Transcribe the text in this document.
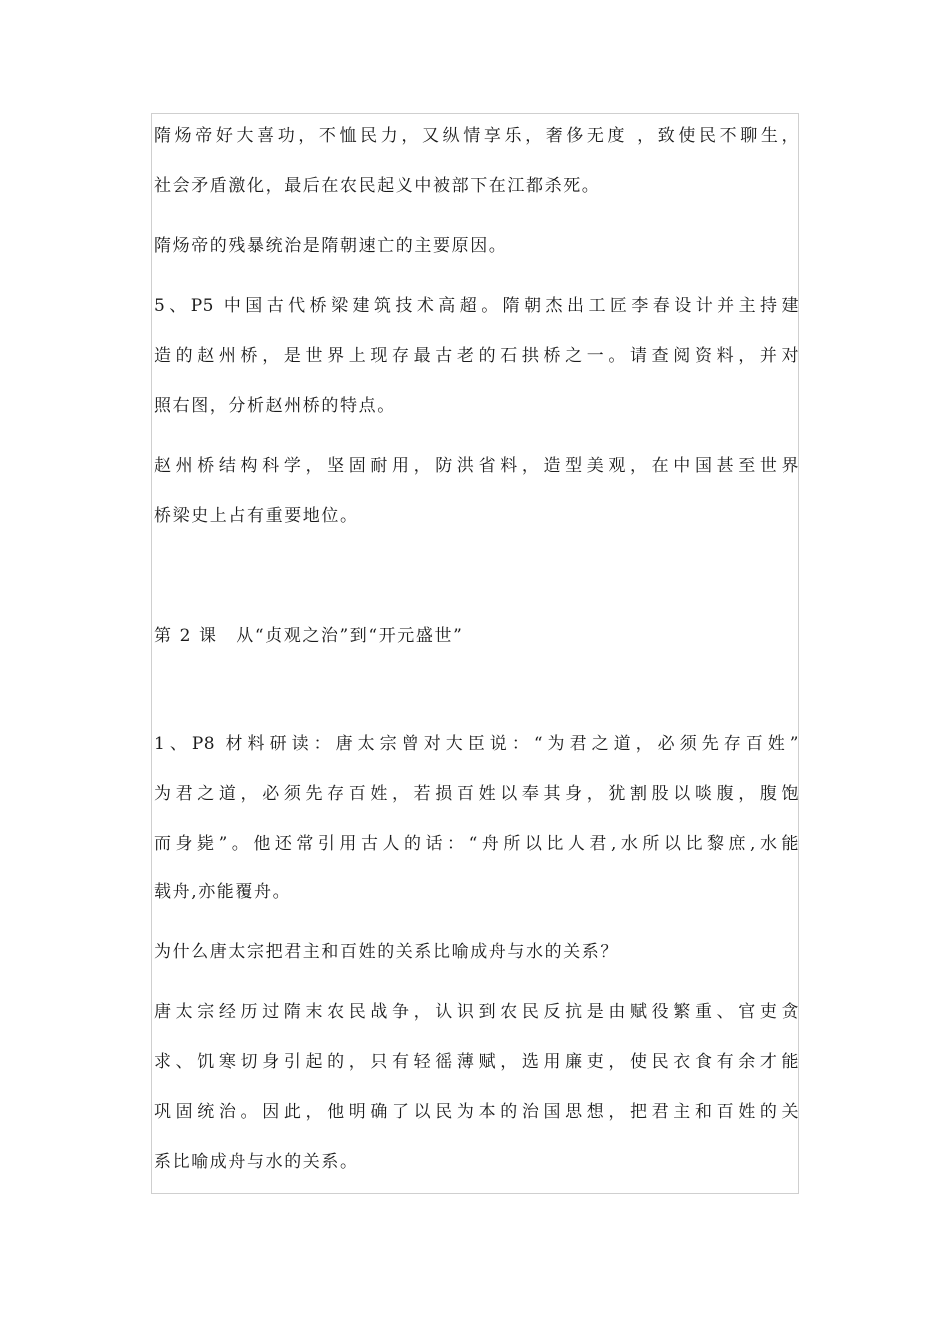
隋炀帝好大喜功，不恤民力，又纵情享乐，奢侈无度 ，致使民不聊生，
社会矛盾激化，最后在农民起义中被部下在江都杀死。
隋炀帝的残暴统治是隋朝速亡的主要原因。
5、P5 中国古代桥梁建筑技术高超。隋朝杰出工匠李春设计并主持建
造的赵州桥，是世界上现存最古老的石拱桥之一。请查阅资料，并对
照右图，分析赵州桥的特点。
赵州桥结构科学，坚固耐用，防洪省料，造型美观，在中国甚至世界
桥梁史上占有重要地位。
第 2 课　从“贞观之治”到“开元盛世”
1、P8 材料研读：唐太宗曾对大臣说：“为君之道，必须先存百姓”
为君之道，必须先存百姓，若损百姓以奉其身，犹割股以啖腹，腹饱
而身毙”。他还常引用古人的话：“舟所以比人君,水所以比黎庶,水能
载舟,亦能覆舟。
为什么唐太宗把君主和百姓的关系比喻成舟与水的关系？
唐太宗经历过隋末农民战争，认识到农民反抗是由赋役繁重、官吏贪
求、饥寒切身引起的，只有轻徭薄赋，选用廉吏，使民衣食有余才能
巩固统治。因此，他明确了以民为本的治国思想，把君主和百姓的关
系比喻成舟与水的关系。
